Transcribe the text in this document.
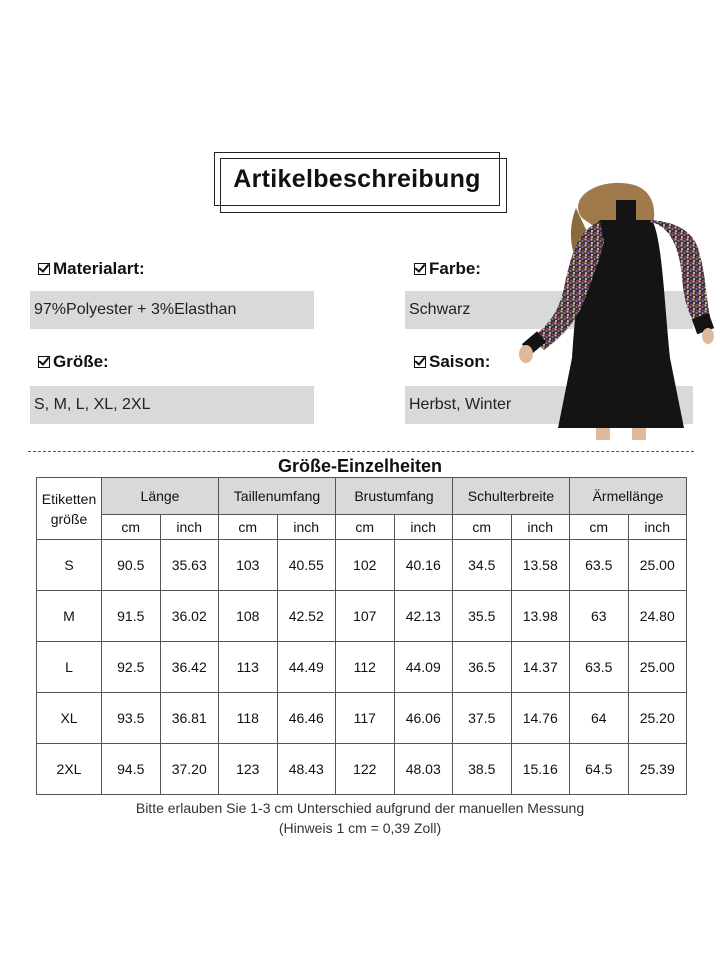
Artikelbeschreibung
Materialart:
97%Polyester + 3%Elasthan
Farbe:
Schwarz
Größe:
S, M, L, XL, 2XL
Saison:
Herbst, Winter
Größe-Einzelheiten
Etiketten größe	Länge		Taillenumfang		Brustumfang		Schulterbreite		Ärmellänge	
	cm	inch	cm	inch	cm	inch	cm	inch	cm	inch
S	90.5	35.63	103	40.55	102	40.16	34.5	13.58	63.5	25.00
M	91.5	36.02	108	42.52	107	42.13	35.5	13.98	63	24.80
L	92.5	36.42	113	44.49	112	44.09	36.5	14.37	63.5	25.00
XL	93.5	36.81	118	46.46	117	46.06	37.5	14.76	64	25.20
2XL	94.5	37.20	123	48.43	122	48.03	38.5	15.16	64.5	25.39
Bitte erlauben Sie 1-3 cm Unterschied aufgrund der manuellen Messung
(Hinweis 1 cm = 0,39 Zoll)
